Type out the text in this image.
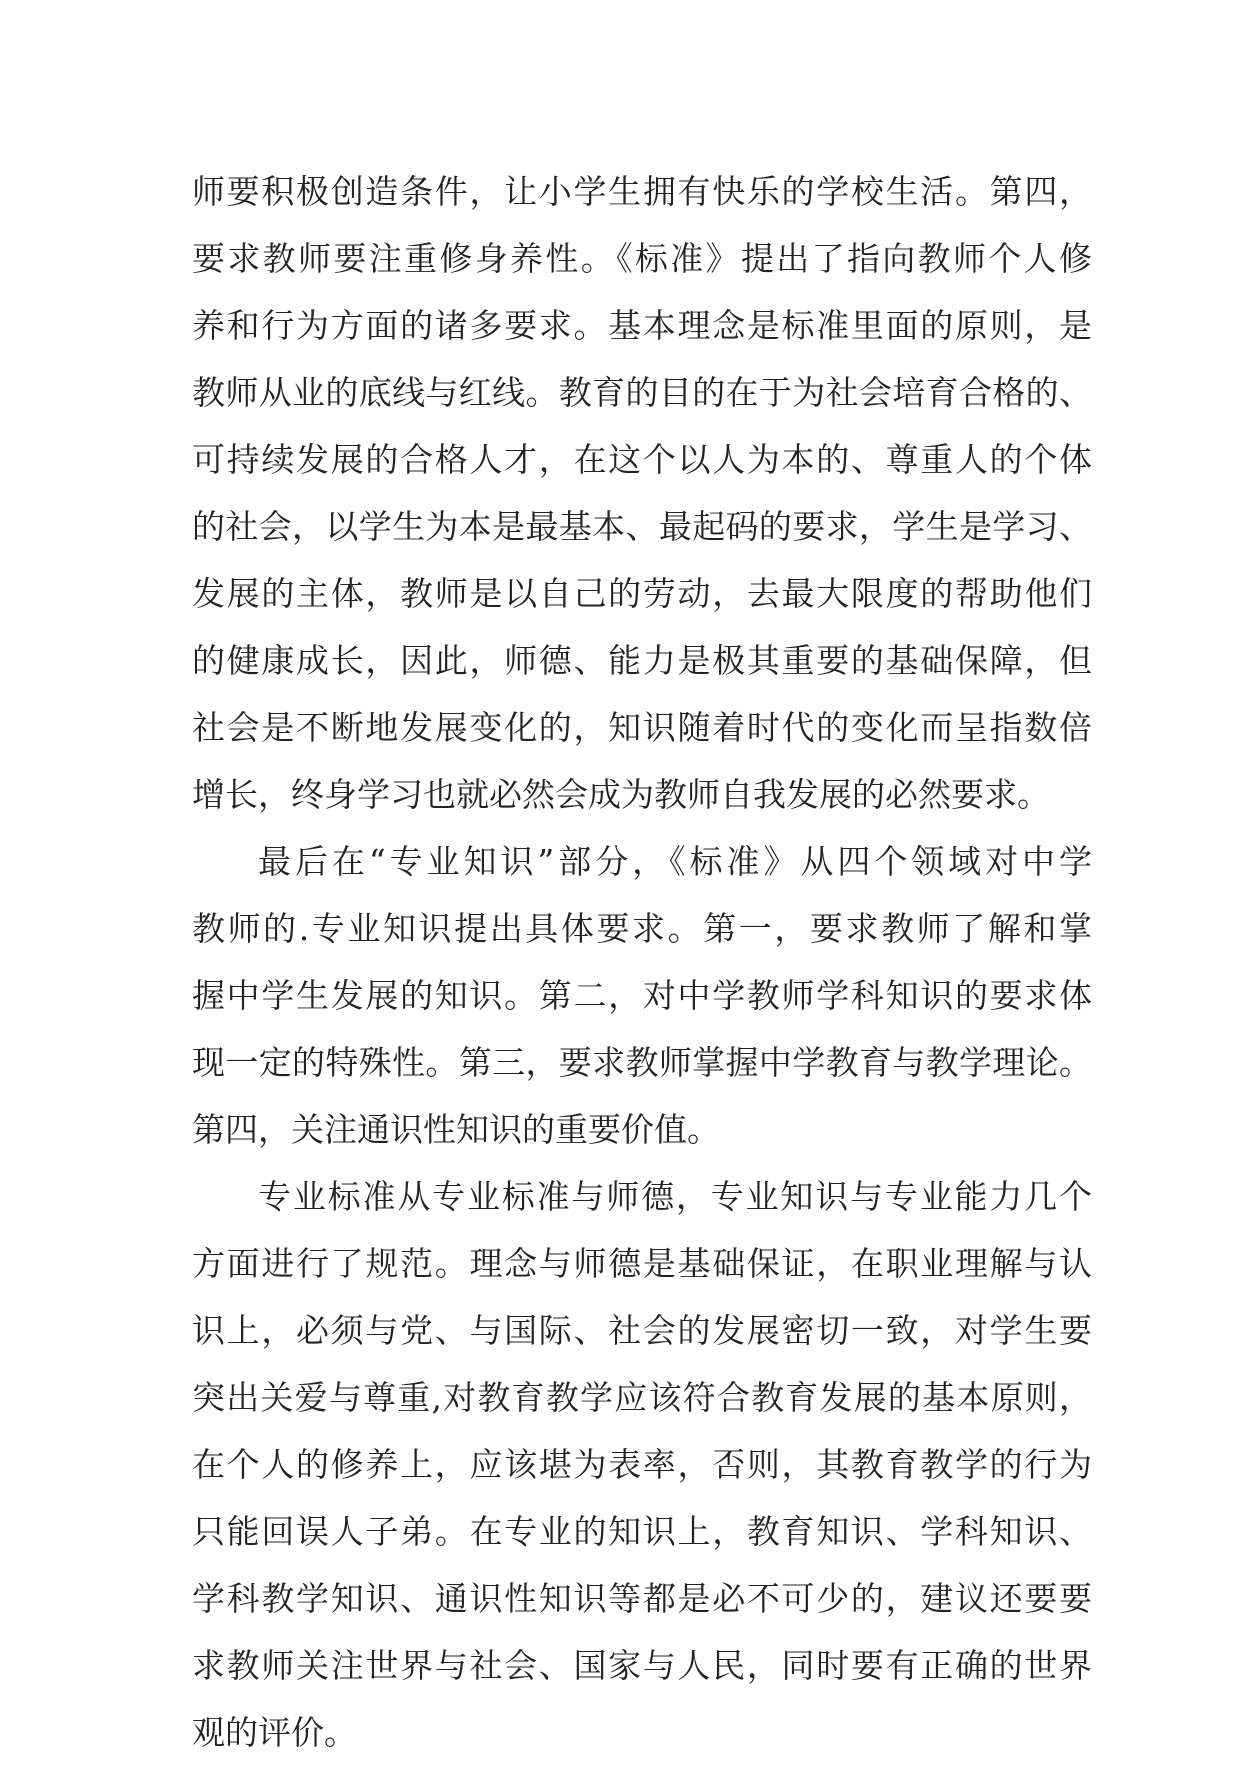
师要积极创造条件，让小学生拥有快乐的学校生活。第四，
要求教师要注重修身养性。《标准》提出了指向教师个人修
养和行为方面的诸多要求。基本理念是标准里面的原则，是
教师从业的底线与红线。教育的目的在于为社会培育合格的、
可持续发展的合格人才，在这个以人为本的、尊重人的个体
的社会，以学生为本是最基本、最起码的要求，学生是学习、
发展的主体，教师是以自己的劳动，去最大限度的帮助他们
的健康成长，因此，师德、能力是极其重要的基础保障，但
社会是不断地发展变化的，知识随着时代的变化而呈指数倍
增长，终身学习也就必然会成为教师自我发展的必然要求。
最后在“专业知识”部分，《标准》从四个领域对中学
教师的.专业知识提出具体要求。第一，要求教师了解和掌
握中学生发展的知识。第二，对中学教师学科知识的要求体
现一定的特殊性。第三，要求教师掌握中学教育与教学理论。
第四，关注通识性知识的重要价值。
专业标准从专业标准与师德，专业知识与专业能力几个
方面进行了规范。理念与师德是基础保证，在职业理解与认
识上，必须与党、与国际、社会的发展密切一致，对学生要
突出关爱与尊重,对教育教学应该符合教育发展的基本原则，
在个人的修养上，应该堪为表率，否则，其教育教学的行为
只能回误人子弟。在专业的知识上，教育知识、学科知识、
学科教学知识、通识性知识等都是必不可少的，建议还要要
求教师关注世界与社会、国家与人民，同时要有正确的世界
观的评价。
